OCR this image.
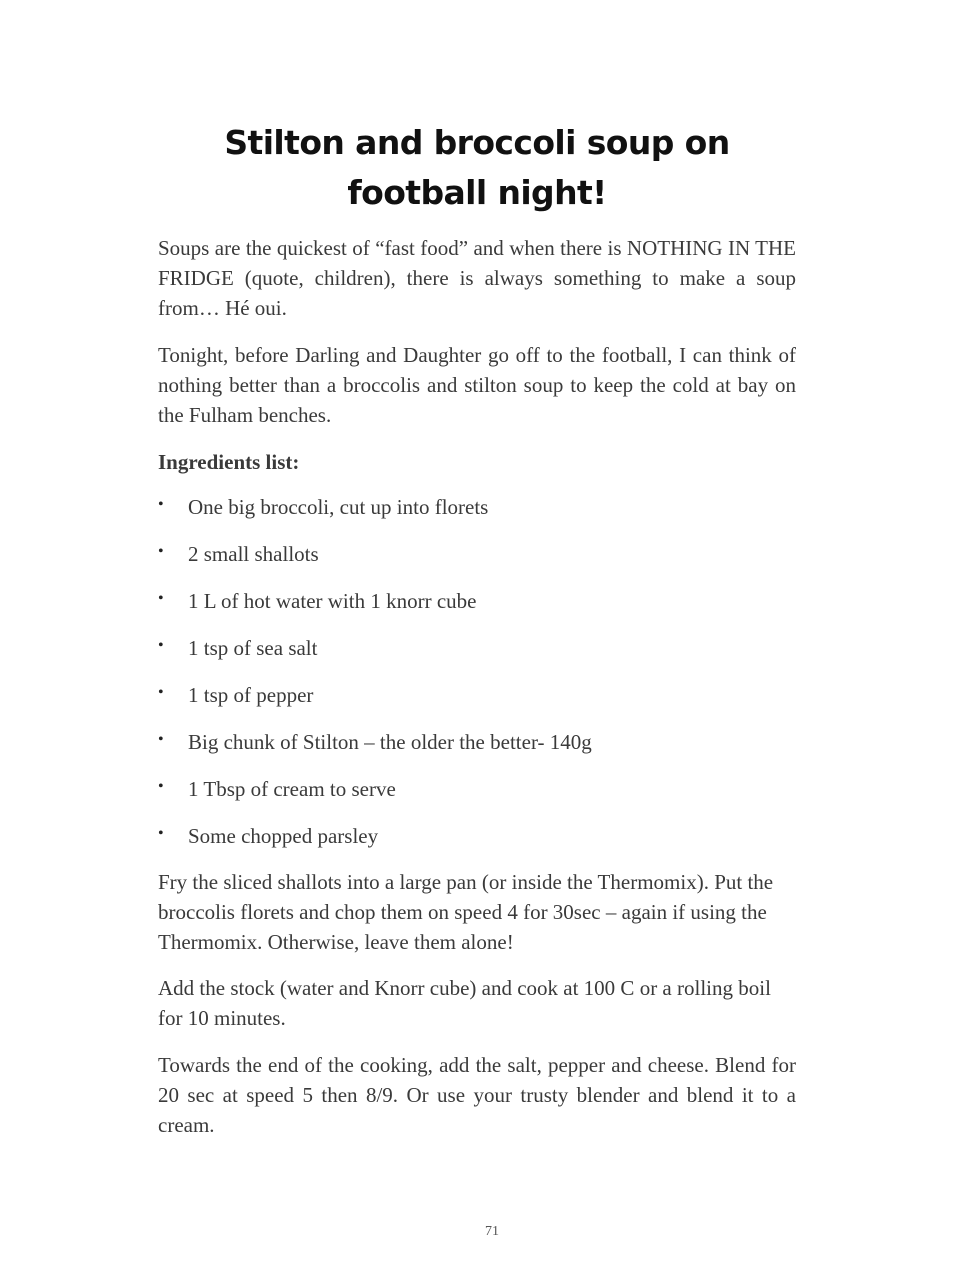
Stilton and broccoli soup on football night!

Soups are the quickest of “fast food” and when there is NOTHING IN THE FRIDGE (quote, children), there is always something to make a soup from… Hé oui.

Tonight, before Darling and Daughter go off to the football, I can think of nothing better than a broccolis and stilton soup to keep the cold at bay on the Fulham benches.

Ingredients list:

• One big broccoli, cut up into florets
• 2 small shallots
• 1 L of hot water with 1 knorr cube
• 1 tsp of sea salt
• 1 tsp of pepper
• Big chunk of Stilton – the older the better- 140g
• 1 Tbsp of cream to serve
• Some chopped parsley

Fry the sliced shallots into a large pan (or inside the Thermomix). Put the broccolis florets and chop them on speed 4 for 30sec – again if using the Thermomix. Otherwise, leave them alone!

Add the stock (water and Knorr cube) and cook at 100 C or a rolling boil for 10 minutes.

Towards the end of the cooking, add the salt, pepper and cheese. Blend for 20 sec at speed 5 then 8/9. Or use your trusty blender and blend it to a cream.

71
